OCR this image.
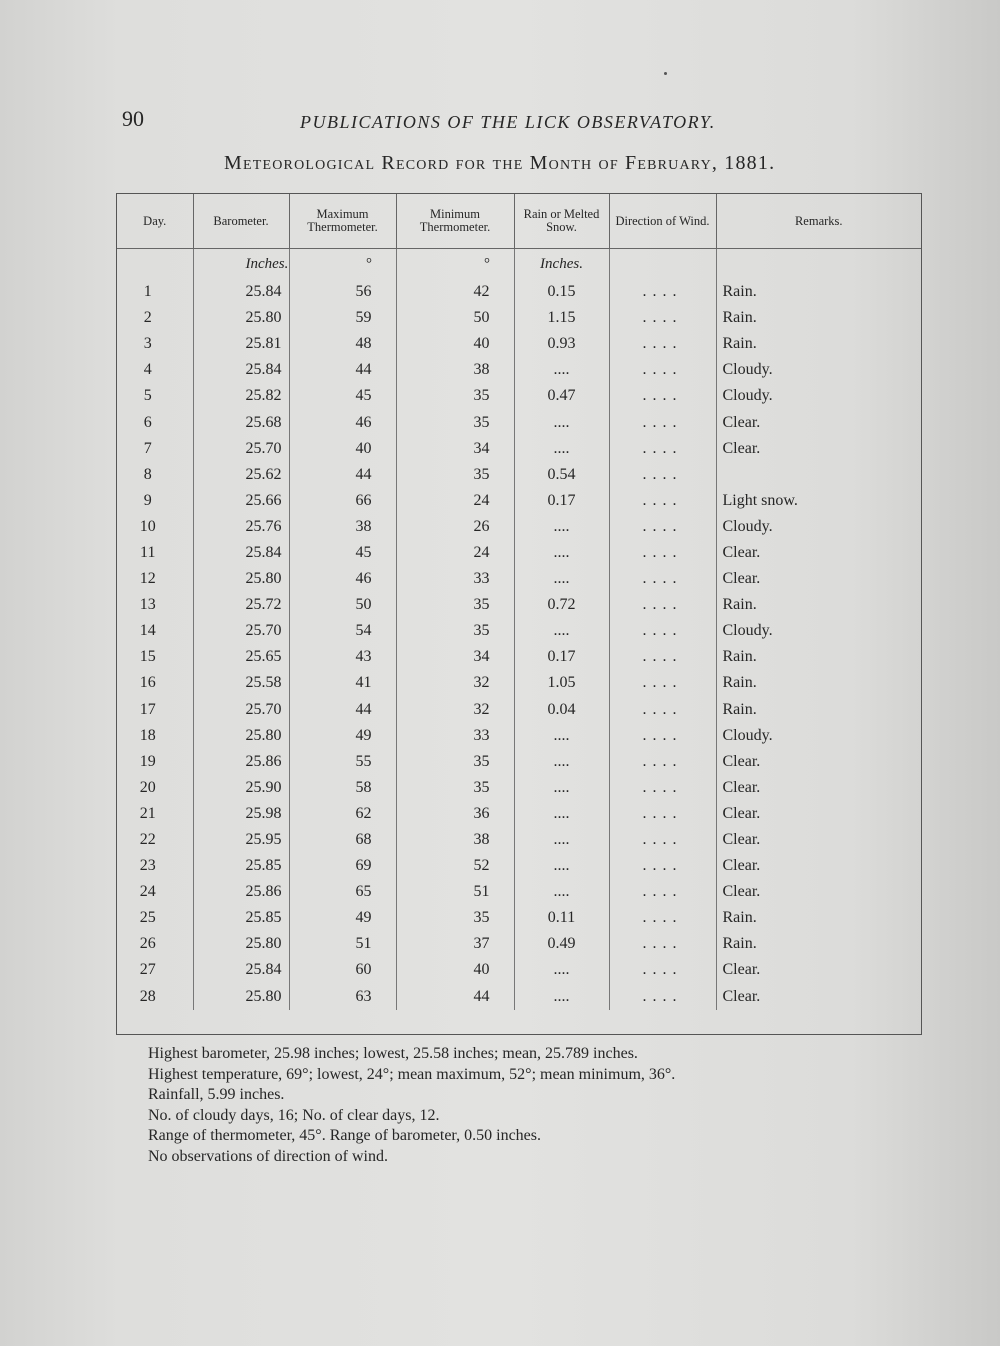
90	PUBLICATIONS OF THE LICK OBSERVATORY.
Meteorological Record for the Month of February, 1881.
Day.	Barometer.	Maximum Thermometer.	Minimum Thermometer.	Rain or Melted Snow.	Direction of Wind.	Remarks.
	Inches.	°	°	Inches.		
1	25.84	56	42	0.15	....	Rain.
2	25.80	59	50	1.15	....	Rain.
3	25.81	48	40	0.93	....	Rain.
4	25.84	44	38	....	....	Cloudy.
5	25.82	45	35	0.47	....	Cloudy.
6	25.68	46	35	....	....	Clear.
7	25.70	40	34	....	....	Clear.
8	25.62	44	35	0.54	....	
9	25.66	66	24	0.17	....	Light snow.
10	25.76	38	26	....	....	Cloudy.
11	25.84	45	24	....	....	Clear.
12	25.80	46	33	....	....	Clear.
13	25.72	50	35	0.72	....	Rain.
14	25.70	54	35	....	....	Cloudy.
15	25.65	43	34	0.17	....	Rain.
16	25.58	41	32	1.05	....	Rain.
17	25.70	44	32	0.04	....	Rain.
18	25.80	49	33	....	....	Cloudy.
19	25.86	55	35	....	....	Clear.
20	25.90	58	35	....	....	Clear.
21	25.98	62	36	....	....	Clear.
22	25.95	68	38	....	....	Clear.
23	25.85	69	52	....	....	Clear.
24	25.86	65	51	....	....	Clear.
25	25.85	49	35	0.11	....	Rain.
26	25.80	51	37	0.49	....	Rain.
27	25.84	60	40	....	....	Clear.
28	25.80	63	44	....	....	Clear.

Highest barometer, 25.98 inches; lowest, 25.58 inches; mean, 25.789 inches.
Highest temperature, 69°; lowest, 24°; mean maximum, 52°; mean minimum, 36°.
Rainfall, 5.99 inches.
No. of cloudy days, 16; No. of clear days, 12.
Range of thermometer, 45°. Range of barometer, 0.50 inches.
No observations of direction of wind.
